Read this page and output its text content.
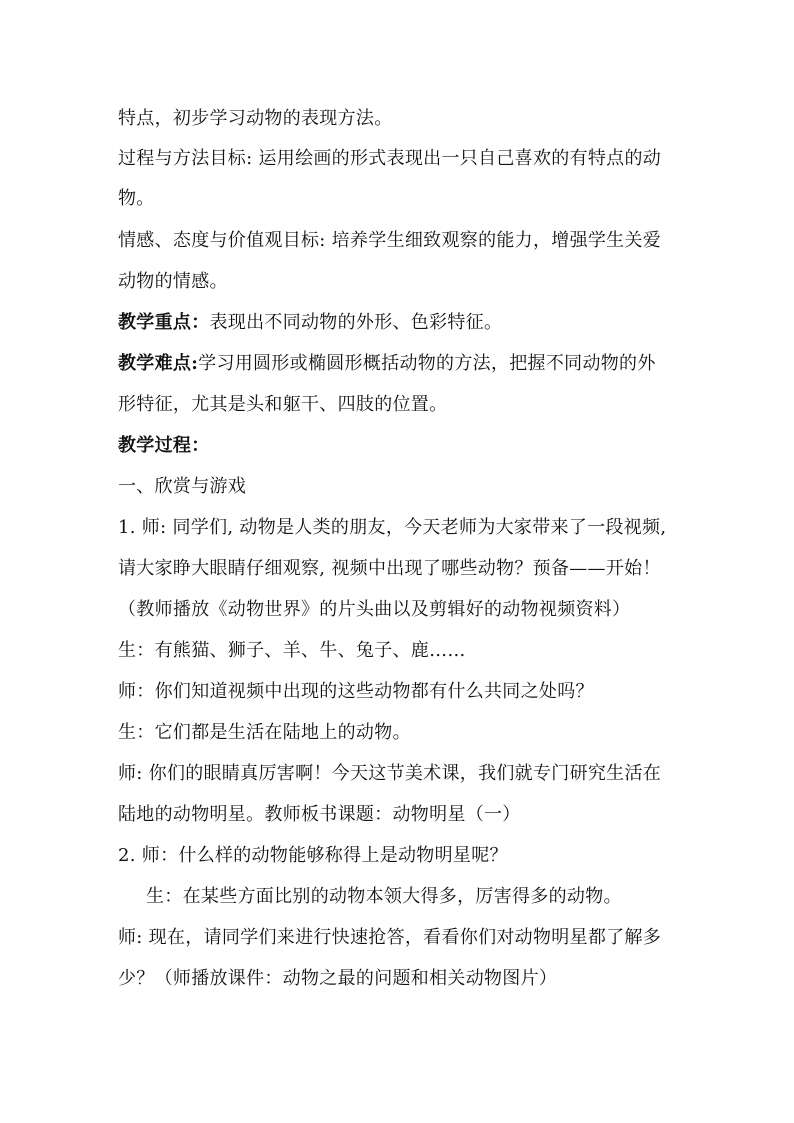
特点，初步学习动物的表现方法。
过程与方法目标: 运用绘画的形式表现出一只自己喜欢的有特点的动
物。
情感、态度与价值观目标: 培养学生细致观察的能力，增强学生关爱
动物的情感。
教学重点：表现出不同动物的外形、色彩特征。
教学难点:学习用圆形或椭圆形概括动物的方法，把握不同动物的外
形特征，尤其是头和躯干、四肢的位置。
教学过程：
一、欣赏与游戏
1. 师: 同学们, 动物是人类的朋友，今天老师为大家带来了一段视频,
请大家睁大眼睛仔细观察, 视频中出现了哪些动物？预备——开始！
（教师播放《动物世界》的片头曲以及剪辑好的动物视频资料）
生：有熊猫、狮子、羊、牛、兔子、鹿……
师：你们知道视频中出现的这些动物都有什么共同之处吗？
生：它们都是生活在陆地上的动物。
师: 你们的眼睛真厉害啊！今天这节美术课，我们就专门研究生活在
陆地的动物明星。教师板书课题：动物明星（一）
2. 师：什么样的动物能够称得上是动物明星呢？
生：在某些方面比别的动物本领大得多，厉害得多的动物。
师: 现在，请同学们来进行快速抢答，看看你们对动物明星都了解多
少？（师播放课件：动物之最的问题和相关动物图片）
